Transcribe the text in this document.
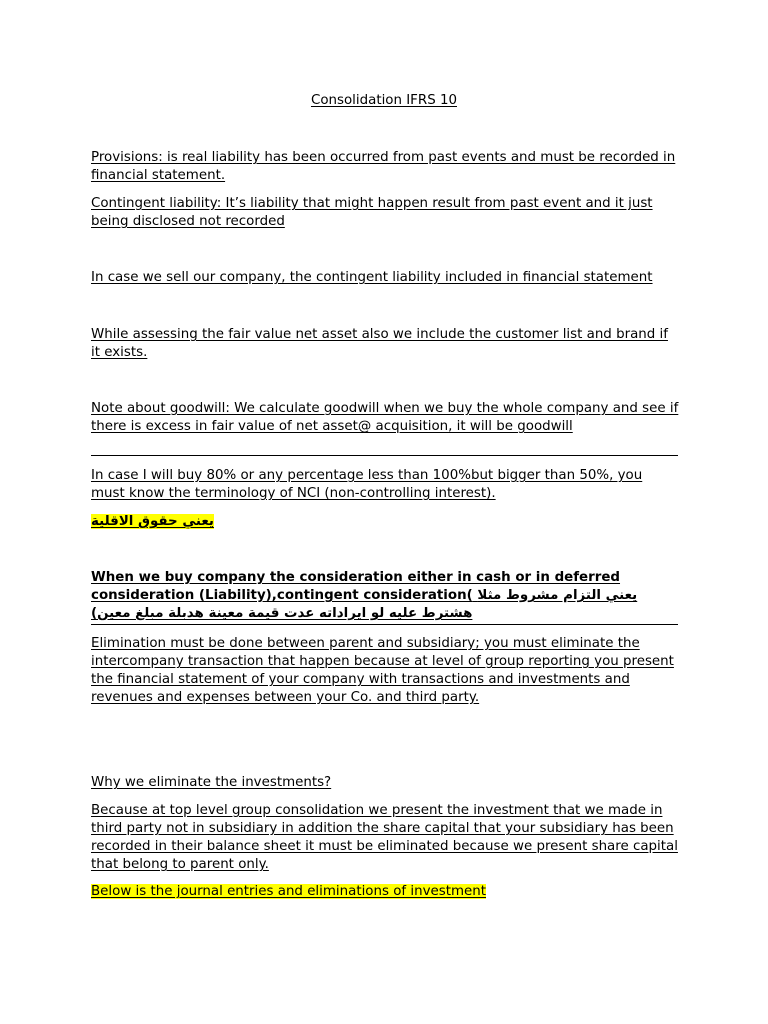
Consolidation IFRS 10

Provisions: is real liability has been occurred from past events and must be recorded in financial statement.

Contingent liability: It’s liability that might happen result from past event and it just being disclosed not recorded

In case we sell our company, the contingent liability included in financial statement

While assessing the fair value net asset also we include the customer list and brand if it exists.

Note about goodwill: We calculate goodwill when we buy the whole company and see if there is excess in fair value of net asset@ acquisition, it will be goodwill

In case I will buy 80% or any percentage less than 100%but bigger than 50%, you must know the terminology of NCI (non-controlling interest).

يعني حقوق الاقلية

When we buy company the consideration either in cash or in deferred

consideration (Liability),contingent consideration( يعني التزام مشروط مثلا

هشترط عليه لو ايراداته عدت قيمة معينة هدبلة مبلغ معين)

Elimination must be done between parent and subsidiary; you must eliminate the intercompany transaction that happen because at level of group reporting you present the financial statement of your company with transactions and investments and revenues and expenses between your Co. and third party.

Why we eliminate the investments?

Because at top level group consolidation we present the investment that we made in third party not in subsidiary in addition the share capital that your subsidiary has been recorded in their balance sheet it must be eliminated because we present share capital that belong to parent only.

Below is the journal entries and eliminations of investment
